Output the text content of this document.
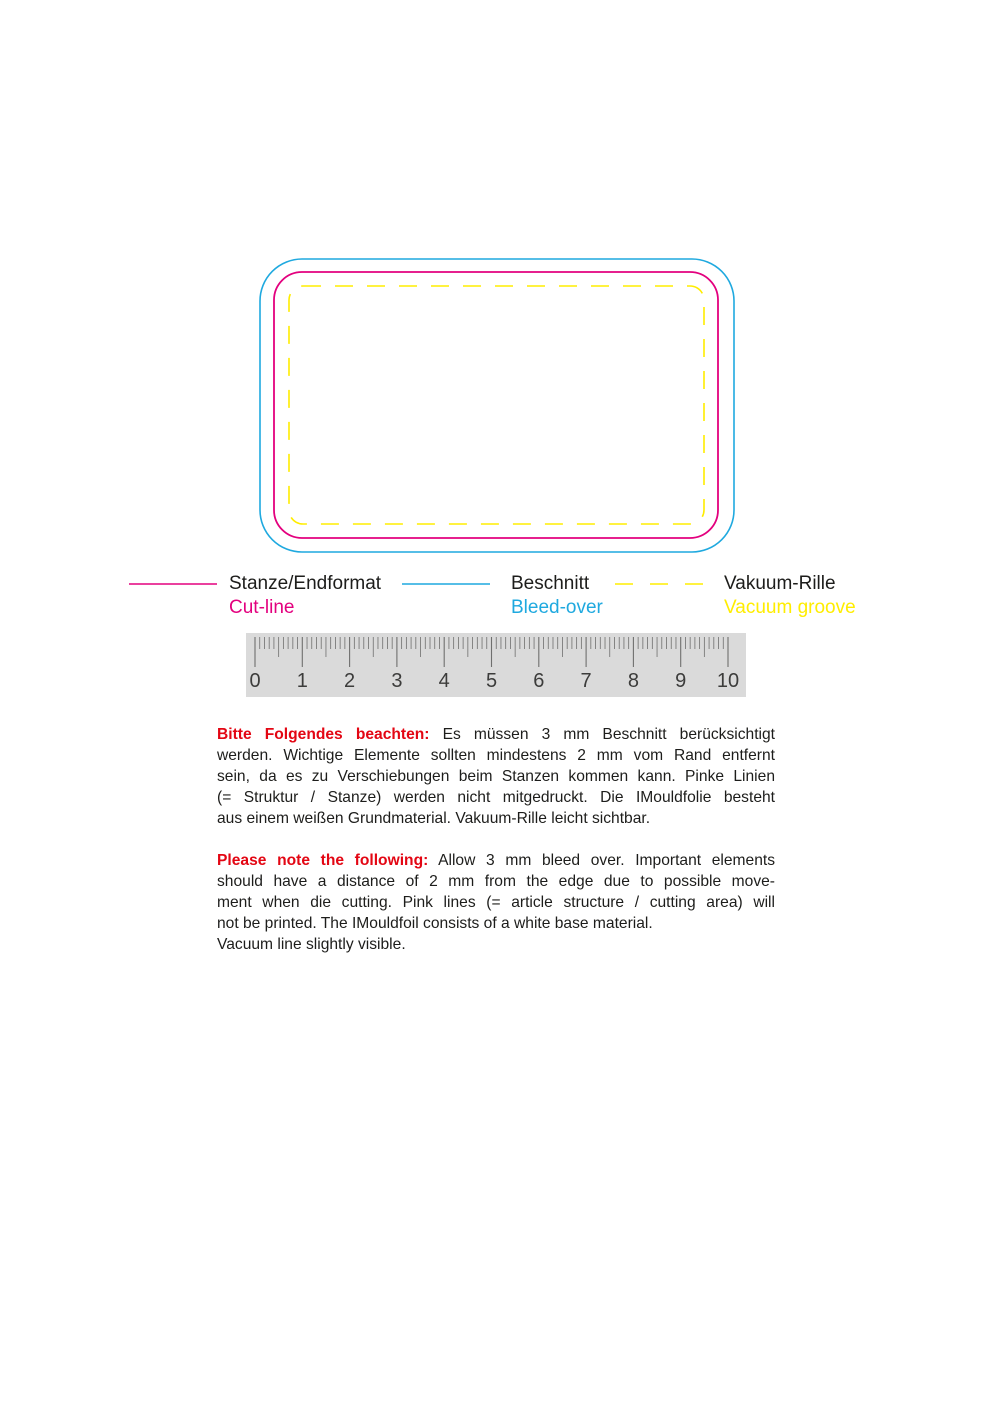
Stanze/Endformat
Cut-line
Beschnitt
Bleed-over
Vakuum-Rille
Vacuum groove
0 1 2 3 4 5 6 7 8 9 10

Bitte Folgendes beachten: Es müssen 3 mm Beschnitt berücksichtigt
werden. Wichtige Elemente sollten mindestens 2 mm vom Rand entfernt
sein, da es zu Verschiebungen beim Stanzen kommen kann. Pinke Linien
(= Struktur / Stanze) werden nicht mitgedruckt. Die IMouldfolie besteht
aus einem weißen Grundmaterial. Vakuum-Rille leicht sichtbar.

Please note the following: Allow 3 mm bleed over. Important elements
should have a distance of 2 mm from the edge due to possible move-
ment when die cutting. Pink lines (= article structure / cutting area) will
not be printed. The IMouldfoil consists of a white base material.
Vacuum line slightly visible.
